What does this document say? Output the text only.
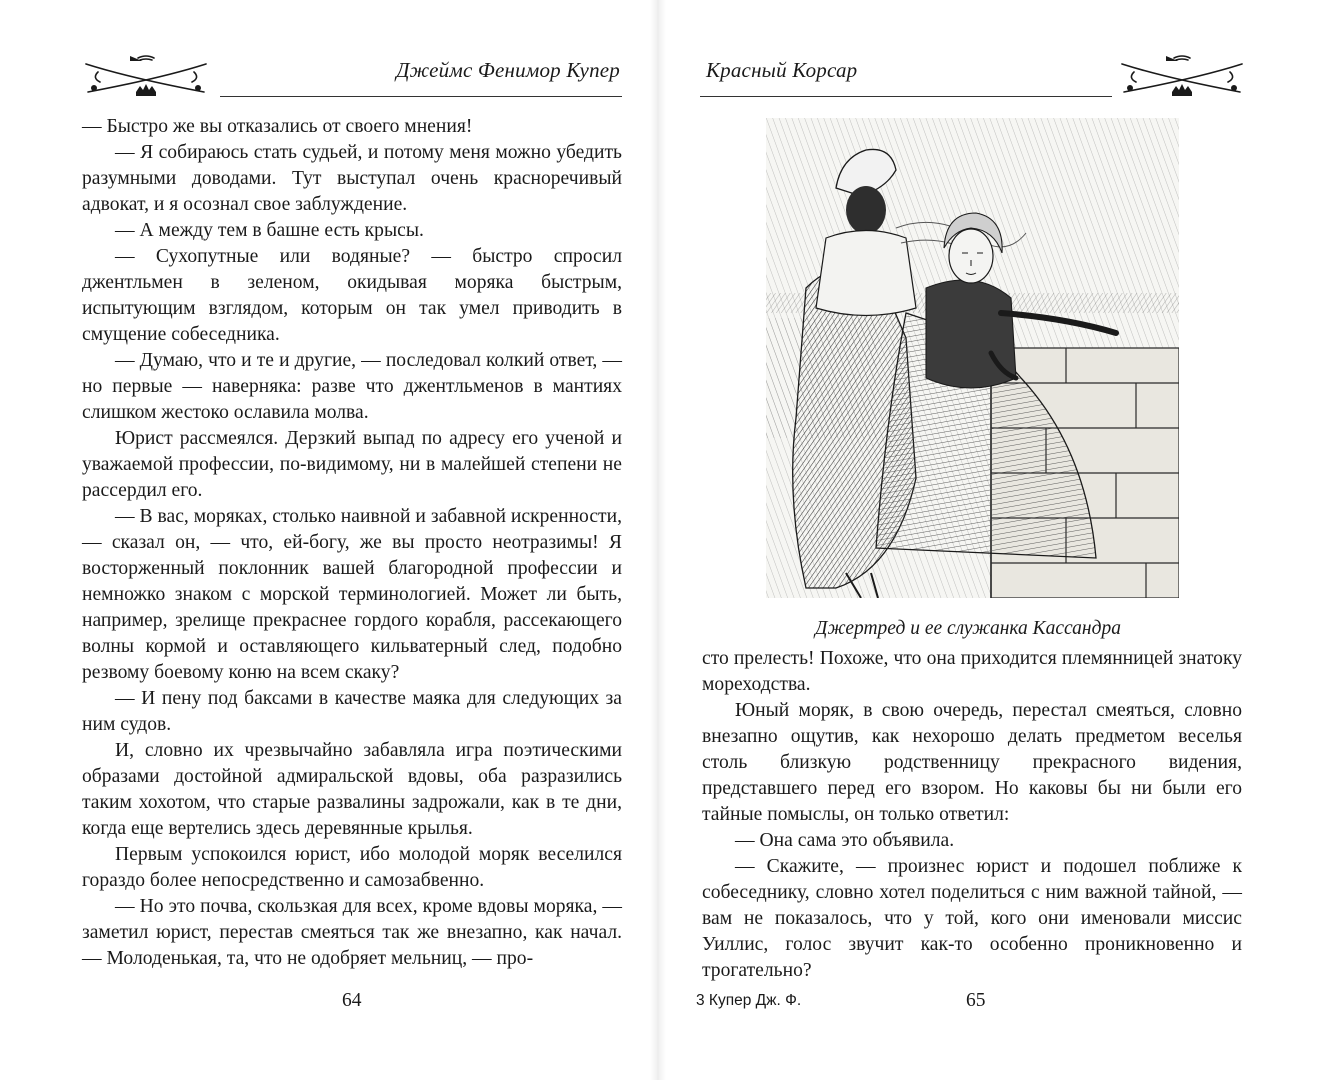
Джеймс Фенимор Купер

— Быстро же вы отказались от своего мнения!

— Я собираюсь стать судьей, и потому меня можно убедить разумными доводами. Тут выступал очень красноречивый адвокат, и я осознал свое заблуждение.

— А между тем в башне есть крысы.

— Сухопутные или водяные? — быстро спросил джентльмен в зеленом, окидывая моряка быстрым, испытующим взглядом, которым он так умел приводить в смущение собеседника.

— Думаю, что и те и другие, — последовал колкий ответ, — но первые — наверняка: разве что джентльменов в мантиях слишком жестоко ославила молва.

Юрист рассмеялся. Дерзкий выпад по адресу его ученой и уважаемой профессии, по-видимому, ни в малейшей степени не рассердил его.

— В вас, моряках, столько наивной и забавной искренности, — сказал он, — что, ей-богу, же вы просто неотразимы! Я восторженный поклонник вашей благородной профессии и немножко знаком с морской терминологией. Может ли быть, например, зрелище прекраснее гордого корабля, рассекающего волны кормой и оставляющего кильватерный след, подобно резвому боевому коню на всем скаку?

— И пену под баксами в качестве маяка для следующих за ним судов.

И, словно их чрезвычайно забавляла игра поэтическими образами достойной адмиральской вдовы, оба разразились таким хохотом, что старые развалины задрожали, как в те дни, когда еще вертелись здесь деревянные крылья.

Первым успокоился юрист, ибо молодой моряк веселился гораздо более непосредственно и самозабвенно.

— Но это почва, скользкая для всех, кроме вдовы моряка, — заметил юрист, перестав смеяться так же внезапно, как начал. — Молоденькая, та, что не одобряет мельниц, — про-

64
Красный Корсар
Джертред и ее служанка Кассандра

сто прелесть! Похоже, что она приходится племянницей знатоку мореходства.

Юный моряк, в свою очередь, перестал смеяться, словно внезапно ощутив, как нехорошо делать предметом веселья столь близкую родственницу прекрасного видения, представшего перед его взором. Но каковы бы ни были его тайные помыслы, он только ответил:

— Она сама это объявила.

— Скажите, — произнес юрист и подошел поближе к собеседнику, словно хотел поделиться с ним важной тайной, — вам не показалось, что у той, кого они именовали миссис Уиллис, голос звучит как-то особенно проникновенно и трогательно?

3 Купер Дж. Ф.	65
